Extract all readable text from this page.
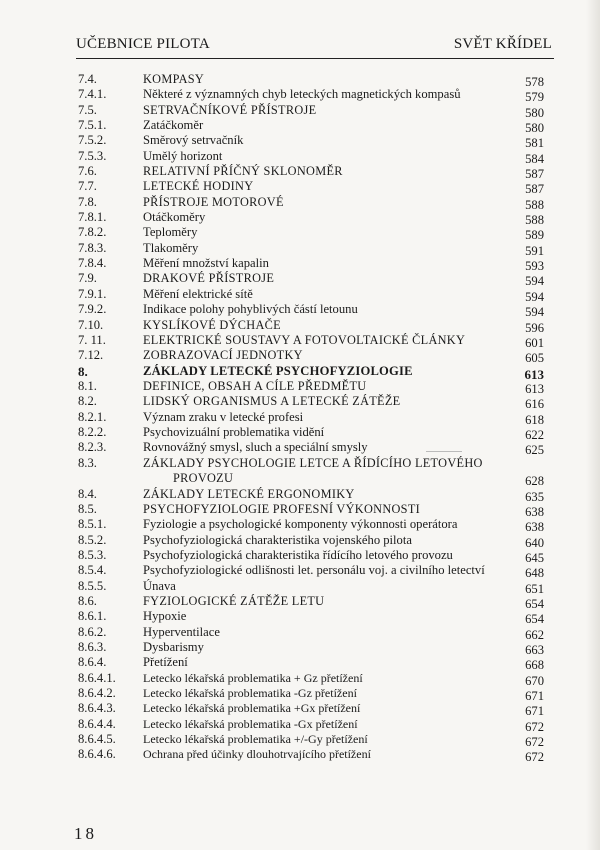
UČEBNICE PILOTA	SVĚT KŘÍDEL
7.4.	KOMPASY	578
7.4.1.	Některé z významných chyb leteckých magnetických kompasů	579
7.5.	SETRVAČNÍKOVÉ PŘÍSTROJE	580
7.5.1.	Zatáčkoměr	580
7.5.2.	Směrový setrvačník	581
7.5.3.	Umělý horizont	584
7.6.	RELATIVNÍ PŘÍČNÝ SKLONOMĚR	587
7.7.	LETECKÉ HODINY	587
7.8.	PŘÍSTROJE MOTOROVÉ	588
7.8.1.	Otáčkoměry	588
7.8.2.	Teploměry	589
7.8.3.	Tlakoměry	591
7.8.4.	Měření množství kapalin	593
7.9.	DRAKOVÉ PŘÍSTROJE	594
7.9.1.	Měření elektrické sítě	594
7.9.2.	Indikace polohy pohyblivých částí letounu	594
7.10.	KYSLÍKOVÉ DÝCHAČE	596
7. 11.	ELEKTRICKÉ SOUSTAVY A FOTOVOLTAICKÉ ČLÁNKY	601
7.12.	ZOBRAZOVACÍ JEDNOTKY	605
8.	ZÁKLADY LETECKÉ PSYCHOFYZIOLOGIE	613
8.1.	DEFINICE, OBSAH A CÍLE PŘEDMĚTU	613
8.2.	LIDSKÝ ORGANISMUS A LETECKÉ ZÁTĚŽE	616
8.2.1.	Význam zraku v letecké profesi	618
8.2.2.	Psychovizuální problematika vidění	622
8.2.3.	Rovnovážný smysl, sluch a speciální smysly	625
8.3.	ZÁKLADY PSYCHOLOGIE LETCE A ŘÍDÍCÍHO LETOVÉHO
PROVOZU	628
8.4.	ZÁKLADY LETECKÉ ERGONOMIKY	635
8.5.	PSYCHOFYZIOLOGIE PROFESNÍ VÝKONNOSTI	638
8.5.1.	Fyziologie a psychologické komponenty výkonnosti operátora	638
8.5.2.	Psychofyziologická charakteristika vojenského pilota	640
8.5.3.	Psychofyziologická charakteristika řídícího letového provozu	645
8.5.4.	Psychofyziologické odlišnosti let. personálu voj. a civilního letectví	648
8.5.5.	Únava	651
8.6.	FYZIOLOGICKÉ ZÁTĚŽE LETU	654
8.6.1.	Hypoxie	654
8.6.2.	Hyperventilace	662
8.6.3.	Dysbarismy	663
8.6.4.	Přetížení	668
8.6.4.1. Letecko lékařská problematika + Gz přetížení	670
8.6.4.2. Letecko lékařská problematika -Gz přetížení	671
8.6.4.3. Letecko lékařská problematika +Gx přetížení	671
8.6.4.4. Letecko lékařská problematika -Gx přetížení	672
8.6.4.5. Letecko lékařská problematika +/-Gy přetížení	672
8.6.4.6. Ochrana před účinky dlouhotrvajícího přetížení	672
18
